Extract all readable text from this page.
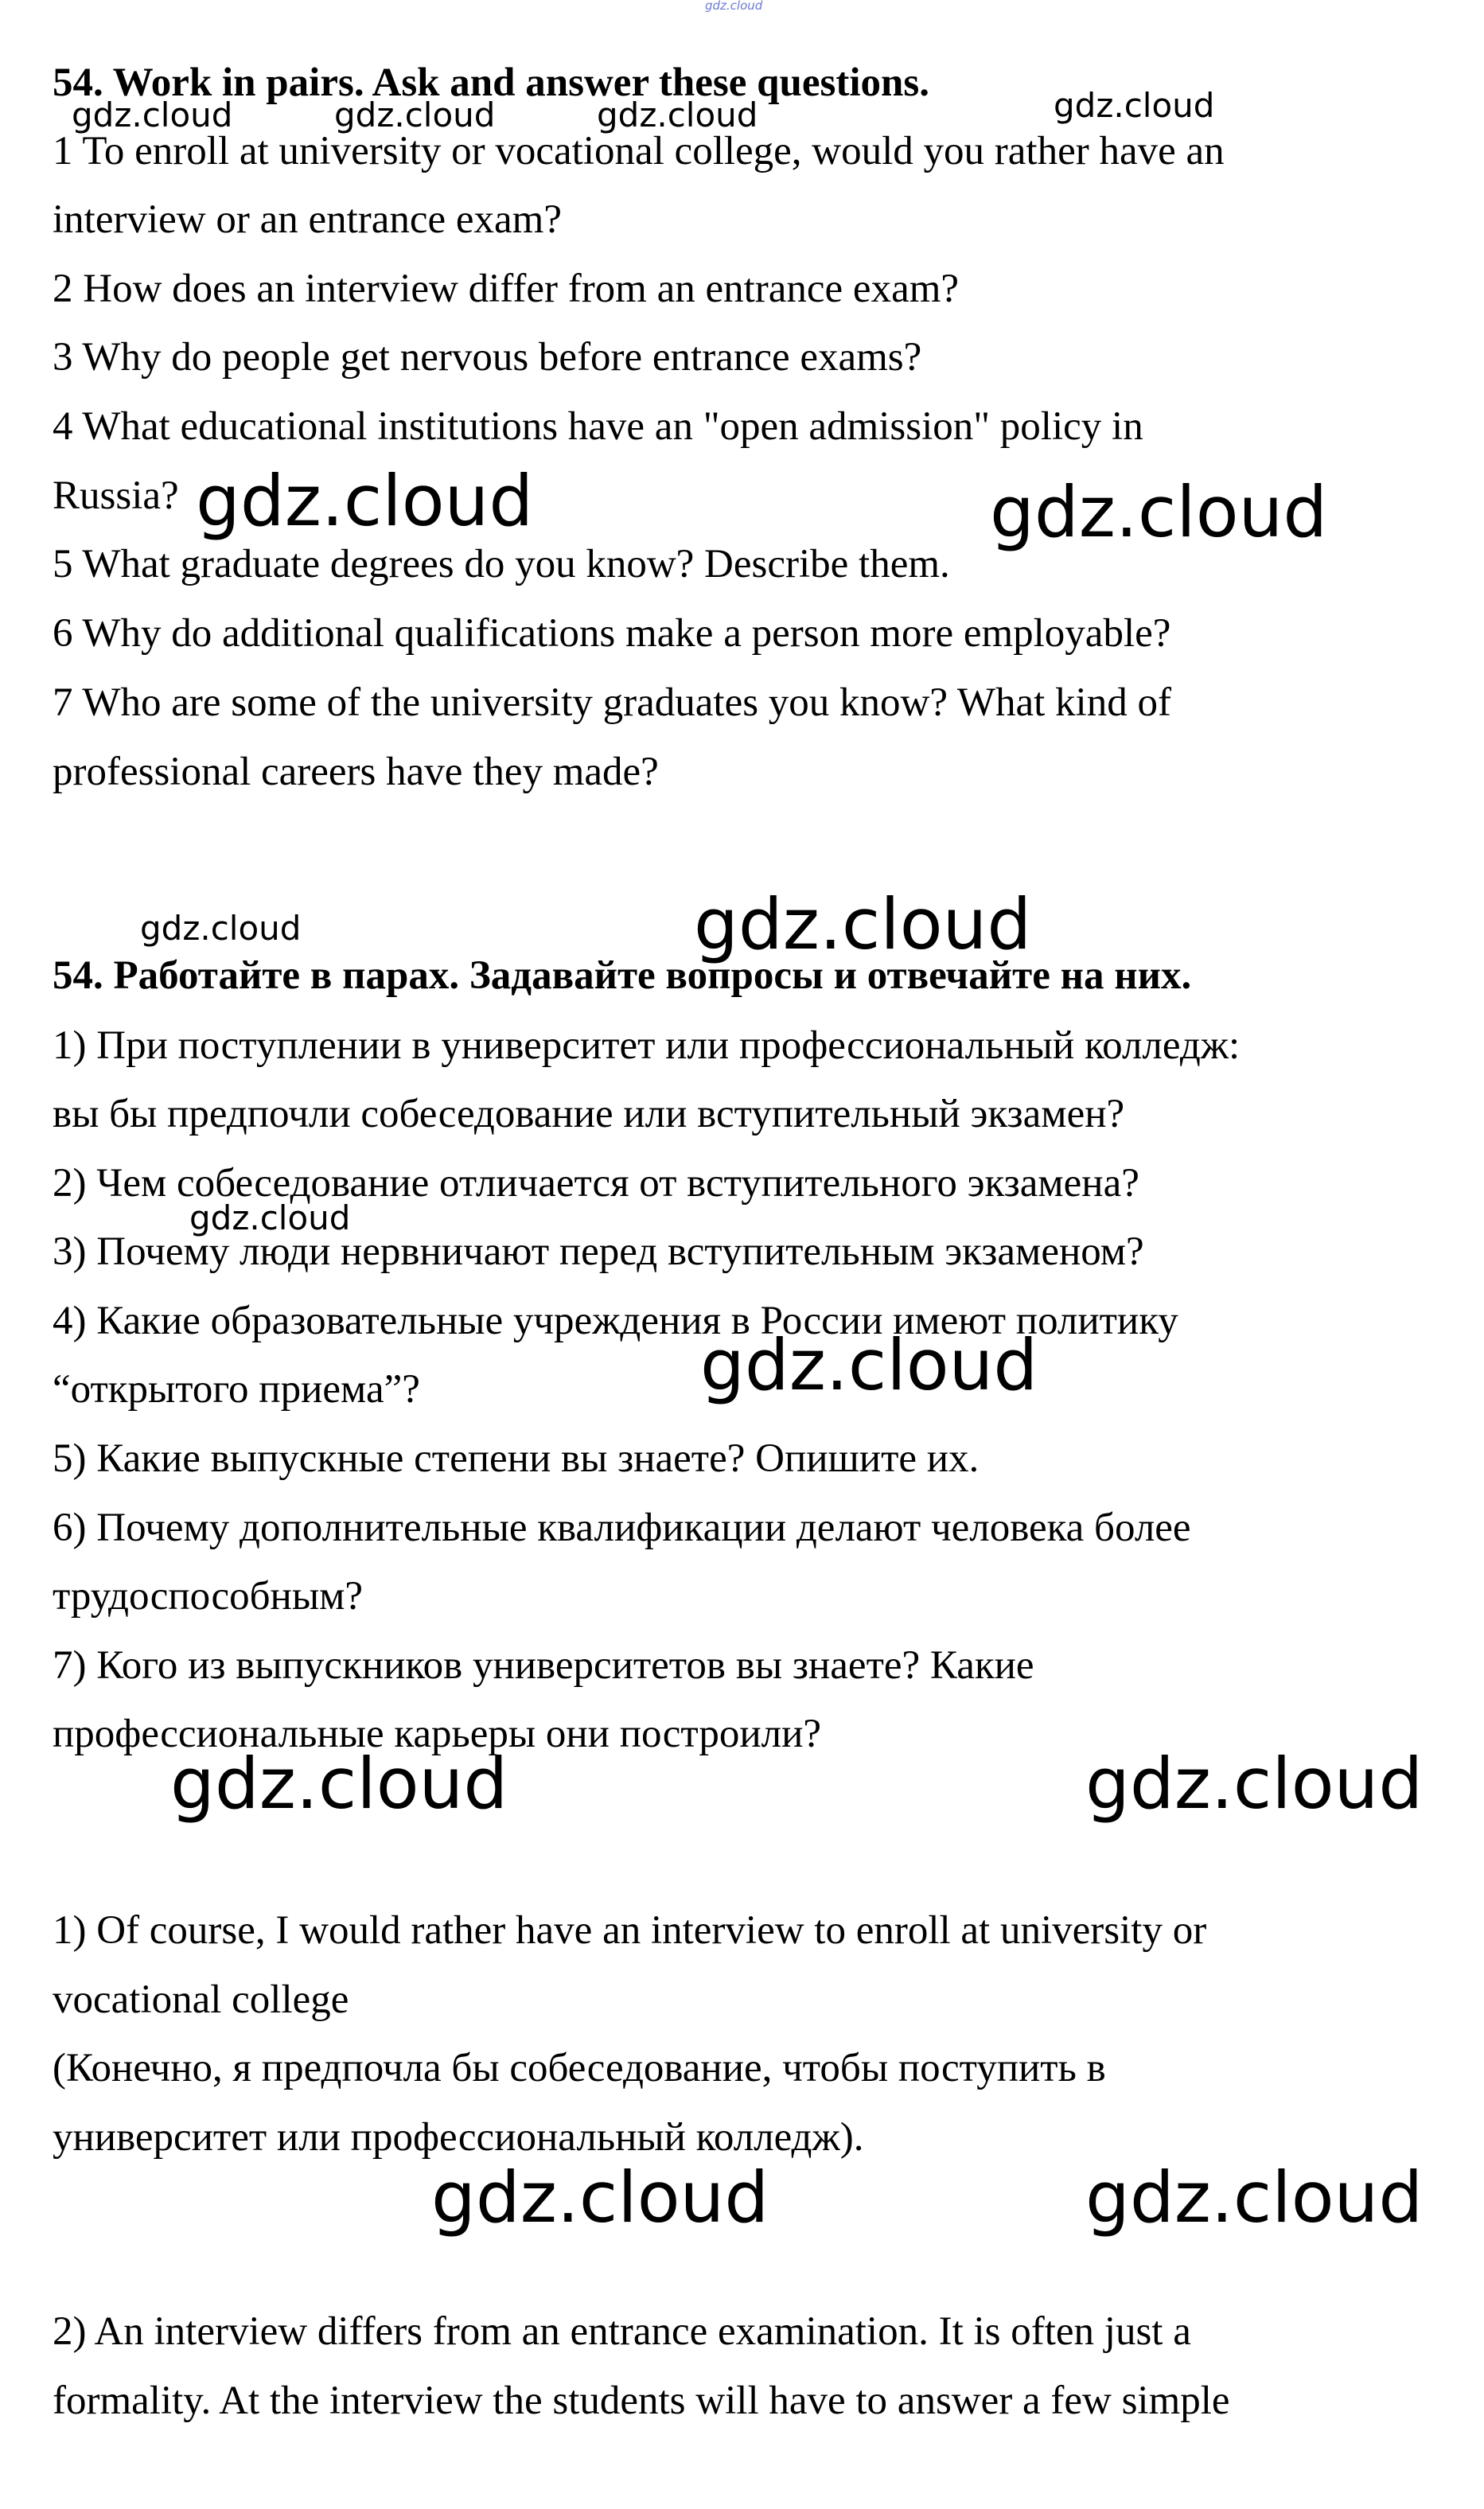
gdz.cloud
54. Work in pairs. Ask and answer these questions.
1 To enroll at university or vocational college, would you rather have an
interview or an entrance exam?
2 How does an interview differ from an entrance exam?
3 Why do people get nervous before entrance exams?
4 What educational institutions have an "open admission" policy in
Russia?
5 What graduate degrees do you know? Describe them.
6 Why do additional qualifications make a person more employable?
7 Who are some of the university graduates you know? What kind of
professional careers have they made?
54. Работайте в парах. Задавайте вопросы и отвечайте на них.
1) При поступлении в университет или профессиональный колледж:
вы бы предпочли собеседование или вступительный экзамен?
2) Чем собеседование отличается от вступительного экзамена?
3) Почему люди нервничают перед вступительным экзаменом?
4) Какие образовательные учреждения в России имеют политику
“открытого приема”?
5) Какие выпускные степени вы знаете? Опишите их.
6) Почему дополнительные квалификации делают человека более
трудоспособным?
7) Кого из выпускников университетов вы знаете? Какие
профессиональные карьеры они построили?
1) Of course, I would rather have an interview to enroll at university or
vocational college
(Конечно, я предпочла бы собеседование, чтобы поступить в
университет или профессиональный колледж).
2) An interview differs from an entrance examination. It is often just a
formality. At the interview the students will have to answer a few simple
gdz.cloud	gdz.cloud	gdz.cloud	gdz.cloud
gdz.cloud	gdz.cloud
gdz.cloud	gdz.cloud
gdz.cloud
gdz.cloud
gdz.cloud	gdz.cloud
gdz.cloud	gdz.cloud
